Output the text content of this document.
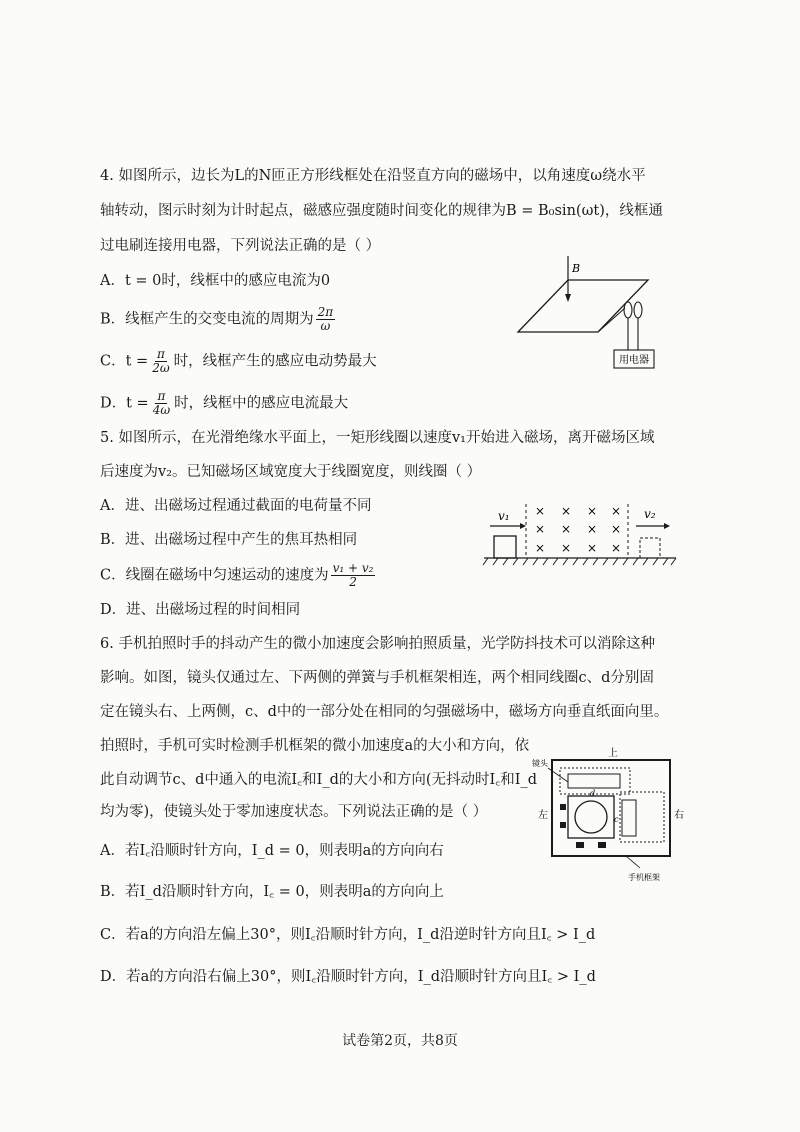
4. 如图所示，边长为L的N匝正方形线框处在沿竖直方向的磁场中，以角速度ω绕水平
轴转动，图示时刻为计时起点，磁感应强度随时间变化的规律为B = B₀sin(ωt)，线框通
过电刷连接用电器，下列说法正确的是（ ）
A．t = 0时，线框中的感应电流为0
B．线框产生的交变电流的周期为 $\frac{2\pi}{\omega}$
C．$t = \frac{\pi}{2\omega}$ 时，线框产生的感应电动势最大
D．$t = \frac{\pi}{4\omega}$ 时，线框中的感应电流最大
B
用电器
5. 如图所示，在光滑绝缘水平面上，一矩形线圈以速度v₁开始进入磁场，离开磁场区域
后速度为v₂。已知磁场区域宽度大于线圈宽度，则线圈（ ）
A．进、出磁场过程通过截面的电荷量不同
B．进、出磁场过程中产生的焦耳热相同
C．线圈在磁场中匀速运动的速度为 $\frac{\text{v₁ + v₂}}{2}$
D．进、出磁场过程的时间相同
v₁ × × × ×
× × × ×
× × × ×
v₂
6. 手机拍照时手的抖动产生的微小加速度会影响拍照质量，光学防抖技术可以消除这种
影响。如图，镜头仅通过左、下两侧的弹簧与手机框架相连，两个相同线圈c、d分别固
定在镜头右、上两侧，c、d中的一部分处在相同的匀强磁场中，磁场方向垂直纸面向里。
拍照时，手机可实时检测手机框架的微小加速度a的大小和方向，依
此自动调节c、d中通入的电流I꜀和I_d的大小和方向(无抖动时I꜀和I_d
均为零)，使镜头处于零加速度状态。下列说法正确的是（ ）
A．若I꜀沿顺时针方向，I_d = 0，则表明a的方向向右
B．若I_d沿顺时针方向，I꜀ = 0，则表明a的方向向上
C．若a的方向沿左偏上30°，则I꜀沿顺时针方向，I_d沿逆时针方向且I꜀ > I_d
D．若a的方向沿右偏上30°，则I꜀沿顺时针方向，I_d沿顺时针方向且I꜀ > I_d
上
镜头
左	右
d
c
手机框架
试卷第2页，共8页
